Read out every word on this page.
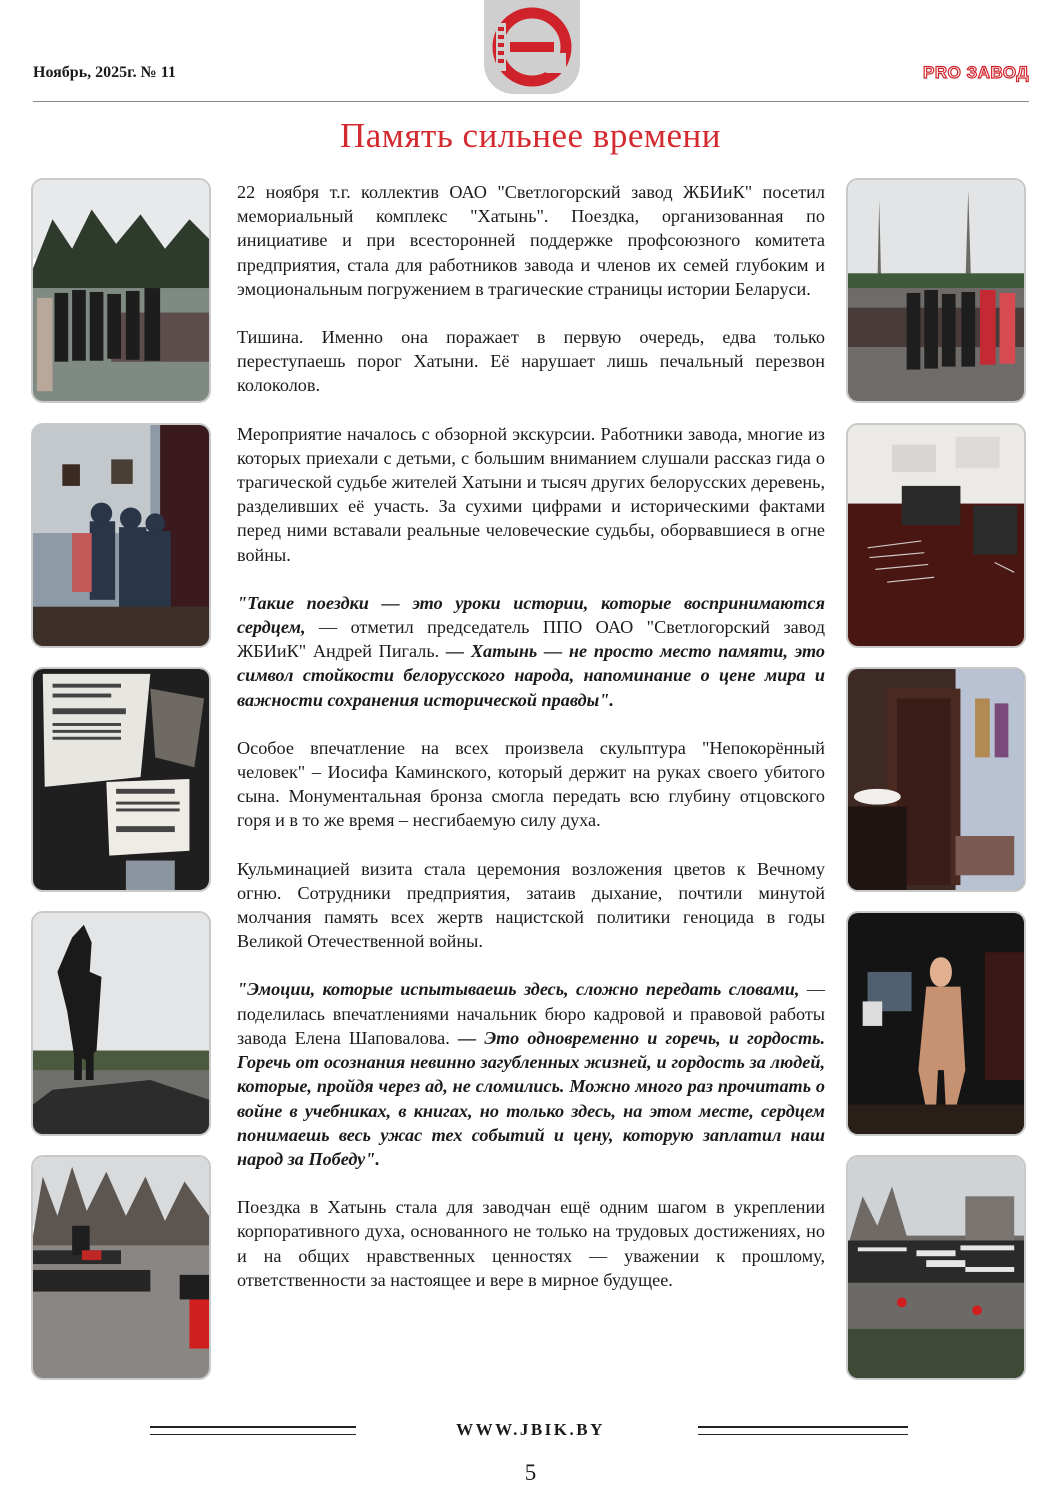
Ноябрь, 2025г. № 11	PRO ЗАВОД
Память сильнее времени

22 ноября т.г. коллектив ОАО "Светлогорский завод ЖБИиК" посетил мемориальный комплекс "Хатынь". Поездка, организованная по инициативе и при всесторонней поддержке профсоюзного комитета предприятия, стала для работников завода и членов их семей глубоким и эмоциональным погружением в трагические страницы истории Беларуси.

Тишина. Именно она поражает в первую очередь, едва только переступаешь порог Хатыни. Её нарушает лишь печальный перезвон колоколов.

Мероприятие началось с обзорной экскурсии. Работники завода, многие из которых приехали с детьми, с большим вниманием слушали рассказ гида о трагической судьбе жителей Хатыни и тысяч других белорусских деревень, разделивших её участь. За сухими цифрами и историческими фактами перед ними вставали реальные человеческие судьбы, оборвавшиеся в огне войны.

"Такие поездки — это уроки истории, которые воспринимаются сердцем, — отметил председатель ППО ОАО "Светлогорский завод ЖБИиК" Андрей Пигаль. — Хатынь — не просто место памяти, это символ стойкости белорусского народа, напоминание о цене мира и важности сохранения исторической правды".

Особое впечатление на всех произвела скульптура "Непокорённый человек" – Иосифа Каминского, который держит на руках своего убитого сына. Монументальная бронза смогла передать всю глубину отцовского горя и в то же время – несгибаемую силу духа.

Кульминацией визита стала церемония возложения цветов к Вечному огню. Сотрудники предприятия, затаив дыхание, почтили минутой молчания память всех жертв нацистской политики геноцида в годы Великой Отечественной войны.

"Эмоции, которые испытываешь здесь, сложно передать словами, — поделилась впечатлениями начальник бюро кадровой и правовой работы завода Елена Шаповалова. — Это одновременно и горечь, и гордость. Горечь от осознания невинно загубленных жизней, и гордость за людей, которые, пройдя через ад, не сломились. Можно много раз прочитать о войне в учебниках, в книгах, но только здесь, на этом месте, сердцем понимаешь весь ужас тех событий и цену, которую заплатил наш народ за Победу".

Поездка в Хатынь стала для заводчан ещё одним шагом в укреплении корпоративного духа, основанного не только на трудовых достижениях, но и на общих нравственных ценностях — уважении к прошлому, ответственности за настоящее и вере в мирное будущее.

WWW.JBIK.BY
5
